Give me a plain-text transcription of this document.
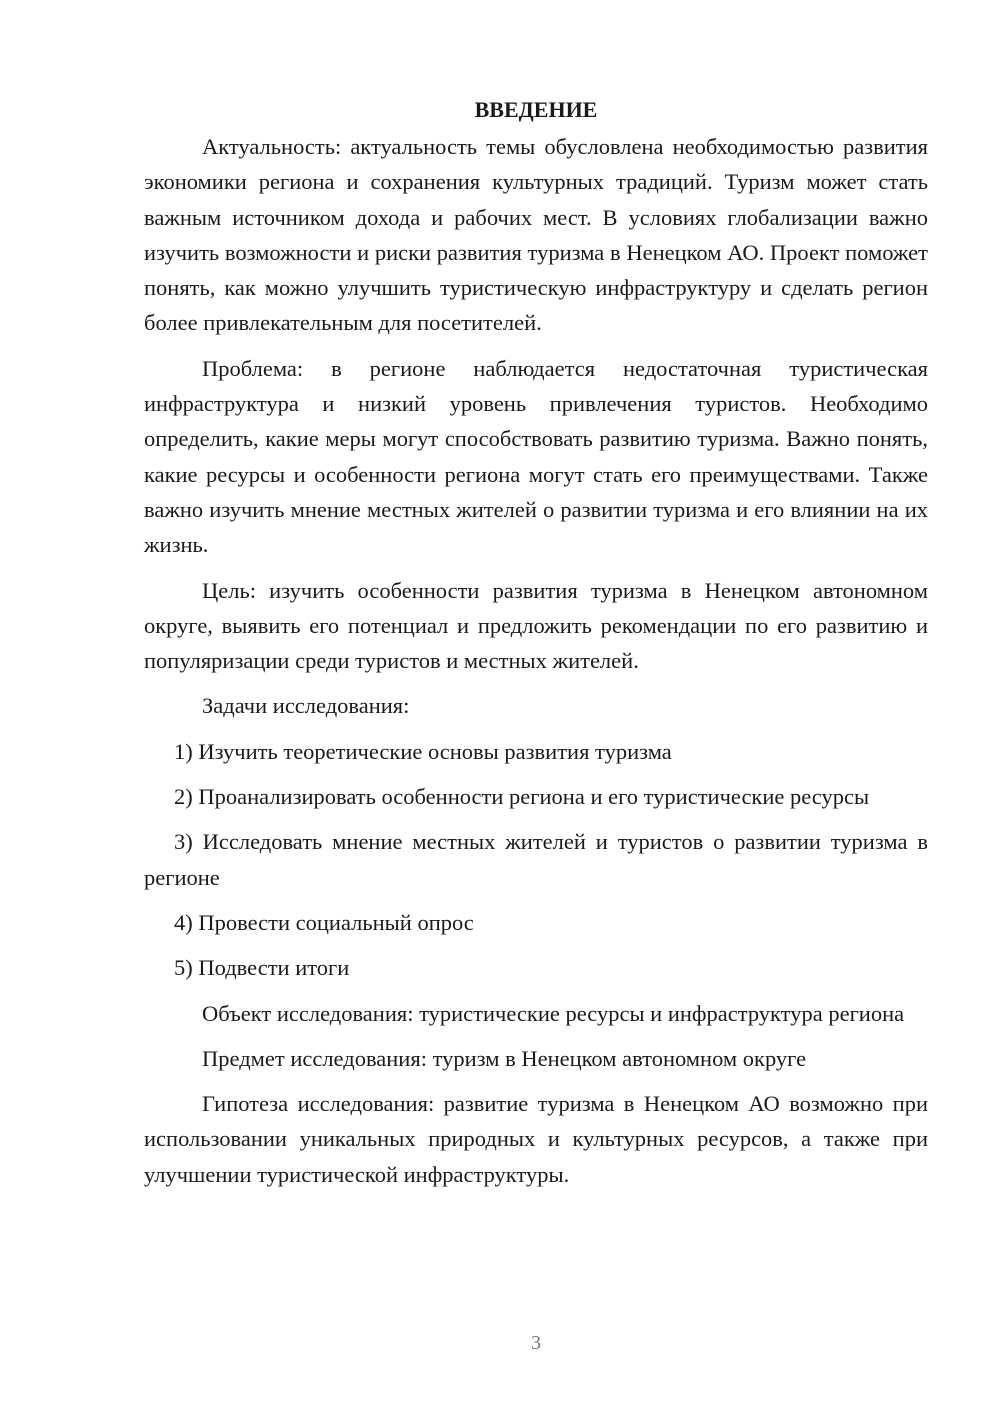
ВВЕДЕНИЕ

Актуальность: актуальность темы обусловлена необходимостью развития экономики региона и сохранения культурных традиций. Туризм может стать важным источником дохода и рабочих мест. В условиях глобализации важно изучить возможности и риски развития туризма в Ненецком АО. Проект поможет понять, как можно улучшить туристическую инфраструктуру и сделать регион более привлекательным для посетителей.

Проблема: в регионе наблюдается недостаточная туристическая инфраструктура и низкий уровень привлечения туристов. Необходимо определить, какие меры могут способствовать развитию туризма. Важно понять, какие ресурсы и особенности региона могут стать его преимуществами. Также важно изучить мнение местных жителей о развитии туризма и его влиянии на их жизнь.

Цель: изучить особенности развития туризма в Ненецком автономном округе, выявить его потенциал и предложить рекомендации по его развитию и популяризации среди туристов и местных жителей.

Задачи исследования:

1) Изучить теоретические основы развития туризма

2) Проанализировать особенности региона и его туристические ресурсы

3) Исследовать мнение местных жителей и туристов о развитии туризма в регионе

4) Провести социальный опрос

5) Подвести итоги

Объект исследования: туристические ресурсы и инфраструктура региона

Предмет исследования: туризм в Ненецком автономном округе

Гипотеза исследования: развитие туризма в Ненецком АО возможно при использовании уникальных природных и культурных ресурсов, а также при улучшении туристической инфраструктуры.

3
